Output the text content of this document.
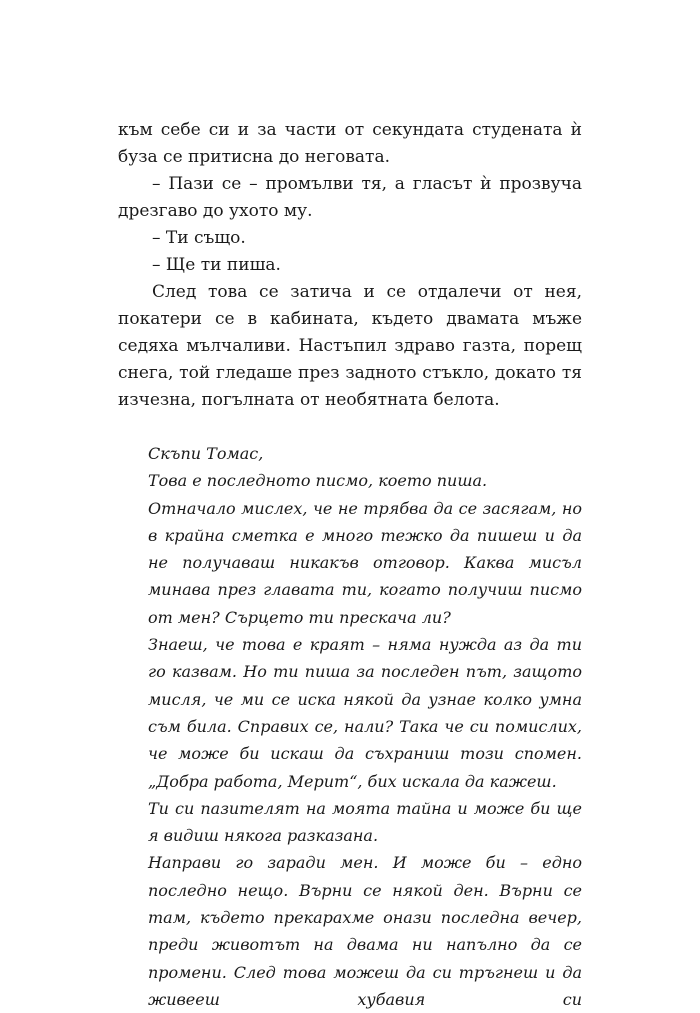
към себе си и за части от секундата студената ѝ буза се притисна до неговата.

– Пази се – промълви тя, а гласът ѝ прозвуча дрезгаво до ухото му.

– Ти също.

– Ще ти пиша.

След това се затича и се отдалечи от нея, покатери се в кабината, където двамата мъже седяха мълчаливи. Настъпил здраво газта, порещ снега, той гледаше през задното стъкло, докато тя изчезна, погълната от необятната белота.

Скъпи Томас,

Това е последното писмо, което пиша.

Отначало мислех, че не трябва да се засягам, но в крайна сметка е много тежко да пишеш и да не получаваш никакъв отговор. Каква мисъл минава през главата ти, когато получиш писмо от мен? Сърцето ти прескача ли?

Знаеш, че това е краят – няма нужда аз да ти го казвам. Но ти пиша за последен път, защото мисля, че ми се иска някой да узнае колко умна съм била. Справих се, нали? Така че си помислих, че може би искаш да съхраниш този спомен. „Добра работа, Мерит“, бих искала да кажеш.

Ти си пазителят на моята тайна и може би ще я видиш някога разказана.

Направи го заради мен. И може би – едно последно нещо. Върни се някой ден. Върни се там, където прекарахме онази последна вечер, преди животът на двама ни напълно да се промени. След това можеш да си тръгнеш и да живееш хубавия си
